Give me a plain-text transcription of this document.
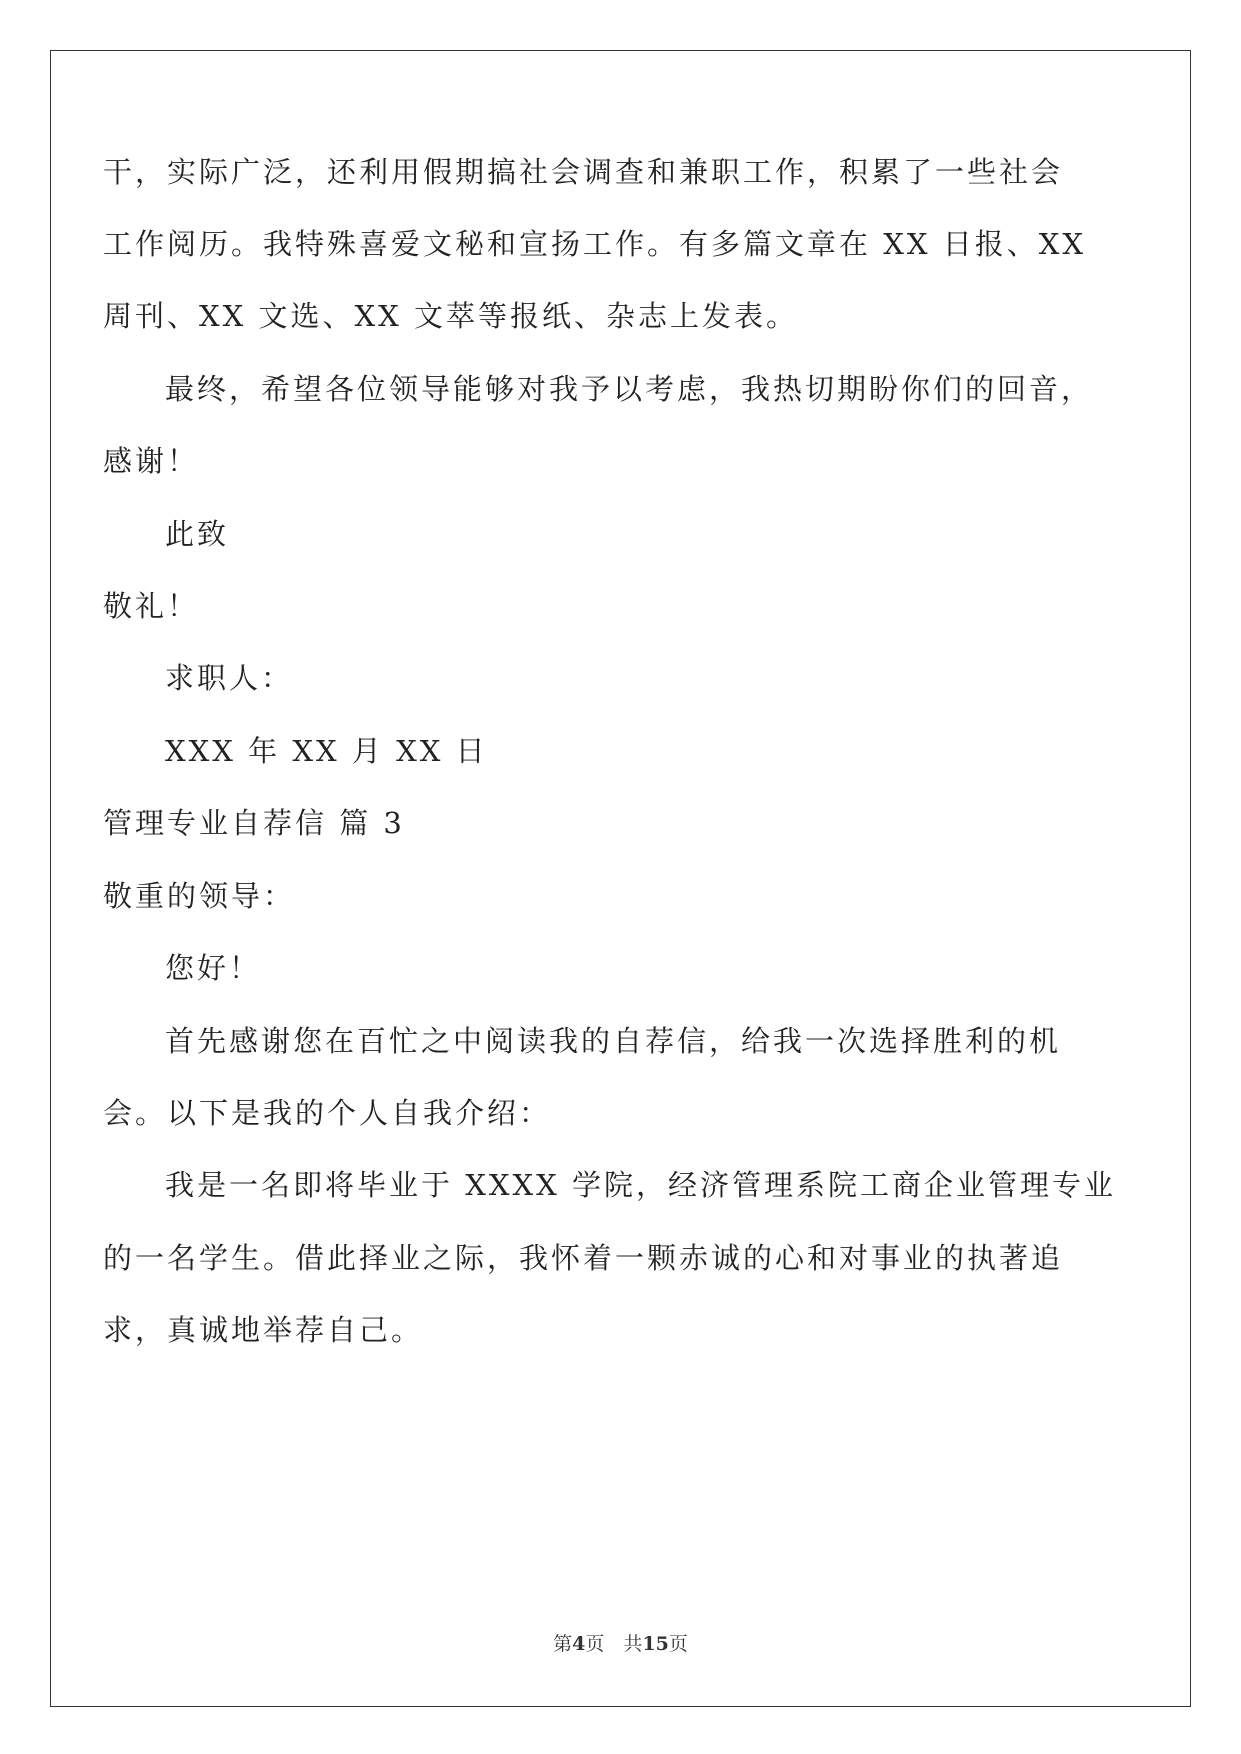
干，实际广泛，还利用假期搞社会调查和兼职工作，积累了一些社会
工作阅历。我特殊喜爱文秘和宣扬工作。有多篇文章在 XX 日报、XX
周刊、XX 文选、XX 文萃等报纸、杂志上发表。
最终，希望各位领导能够对我予以考虑，我热切期盼你们的回音，
感谢！
此致
敬礼！
求职人：
XXX 年 XX 月 XX 日
管理专业自荐信 篇 3
敬重的领导：
您好！
首先感谢您在百忙之中阅读我的自荐信，给我一次选择胜利的机
会。以下是我的个人自我介绍：
我是一名即将毕业于 XXXX 学院，经济管理系院工商企业管理专业
的一名学生。借此择业之际，我怀着一颗赤诚的心和对事业的执著追
求，真诚地举荐自己。
第4页　共15页
